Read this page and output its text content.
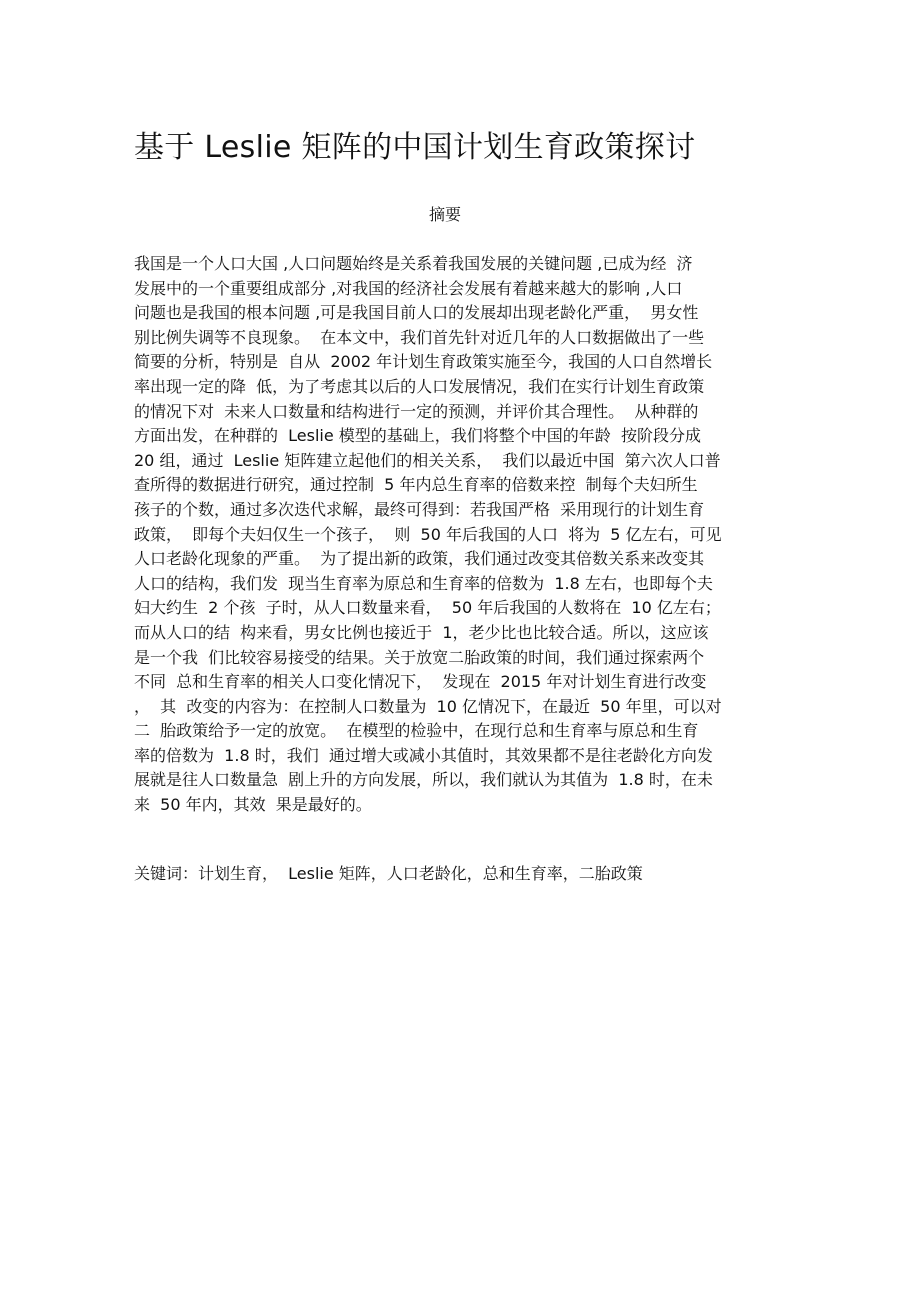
基于 Leslie 矩阵的中国计划生育政策探讨
摘要
我国是一个人口大国 ,人口问题始终是关系着我国发展的关键问题 ,已成为经  济
发展中的一个重要组成部分 ,对我国的经济社会发展有着越来越大的影响 ,人口
问题也是我国的根本问题 ,可是我国目前人口的发展却出现老龄化严重，  男女性
别比例失调等不良现象。  在本文中，我们首先针对近几年的人口数据做出了一些
简要的分析，特别是  自从  2002 年计划生育政策实施至今，我国的人口自然增长
率出现一定的降  低，为了考虑其以后的人口发展情况，我们在实行计划生育政策
的情况下对  未来人口数量和结构进行一定的预测，并评价其合理性。  从种群的
方面出发，在种群的  Leslie 模型的基础上，我们将整个中国的年龄  按阶段分成
20 组，通过  Leslie 矩阵建立起他们的相关关系，  我们以最近中国  第六次人口普
查所得的数据进行研究，通过控制  5 年内总生育率的倍数来控  制每个夫妇所生
孩子的个数，通过多次迭代求解，最终可得到：若我国严格  采用现行的计划生育
政策，  即每个夫妇仅生一个孩子，  则  50 年后我国的人口  将为  5 亿左右，可见
人口老龄化现象的严重。  为了提出新的政策，我们通过改变其倍数关系来改变其
人口的结构，我们发  现当生育率为原总和生育率的倍数为  1.8 左右，也即每个夫
妇大约生  2 个孩  子时，从人口数量来看，  50 年后我国的人数将在  10 亿左右；
而从人口的结  构来看，男女比例也接近于  1，老少比也比较合适。所以，这应该
是一个我  们比较容易接受的结果。关于放宽二胎政策的时间，我们通过探索两个
不同  总和生育率的相关人口变化情况下，  发现在  2015 年对计划生育进行改变
，  其  改变的内容为：在控制人口数量为  10 亿情况下，在最近  50 年里，可以对
二  胎政策给予一定的放宽。  在模型的检验中，在现行总和生育率与原总和生育
率的倍数为  1.8 时，我们  通过增大或减小其值时，其效果都不是往老龄化方向发
展就是往人口数量急  剧上升的方向发展，所以，我们就认为其值为  1.8 时，在未
来  50 年内，其效  果是最好的。

关键词：计划生育，  Leslie 矩阵，人口老龄化，总和生育率，二胎政策
